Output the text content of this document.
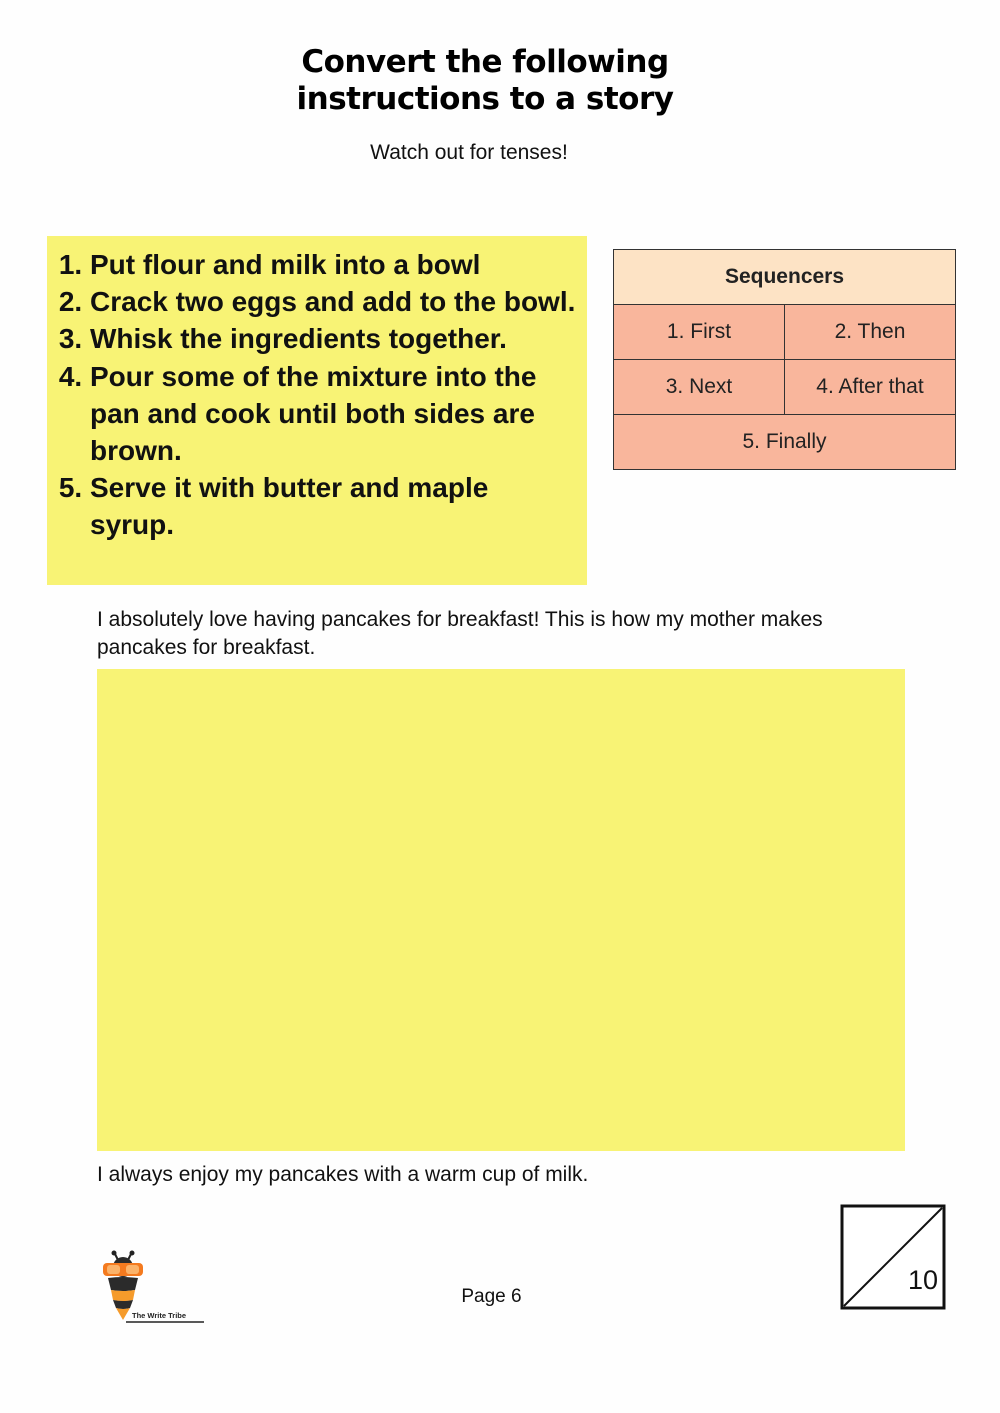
Convert the following
instructions to a story
Watch out for tenses!
1. Put flour and milk into a bowl
2. Crack two eggs and add to the bowl.
3. Whisk the ingredients together.
4. Pour some of the mixture into the pan and cook until both sides are brown.
5. Serve it with butter and maple syrup.
Sequencers	
1. First	2. Then
3. Next	4. After that
5. Finally	
I absolutely love having pancakes for breakfast! This is how my mother makes pancakes for breakfast.
I always enjoy my pancakes with a warm cup of milk.
The Write Tribe
Page 6
10
